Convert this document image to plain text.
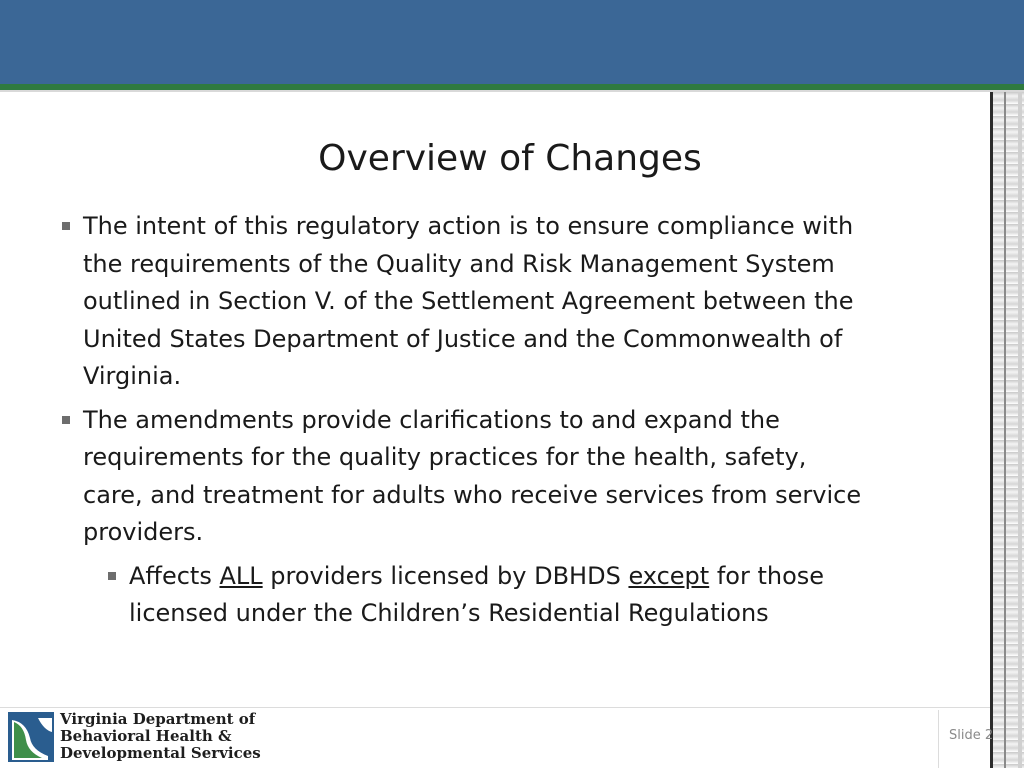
Overview of Changes
The intent of this regulatory action is to ensure compliance with the requirements of the Quality and Risk Management System outlined in Section V. of the Settlement Agreement between the United States Department of Justice and the Commonwealth of Virginia.
The amendments provide clarifications to and expand the requirements for the quality practices for the health, safety, care, and treatment for adults who receive services from service providers.
Affects ALL providers licensed by DBHDS except for those licensed under the Children’s Residential Regulations
Virginia Department of
Behavioral Health &
Developmental Services
Slide 2
